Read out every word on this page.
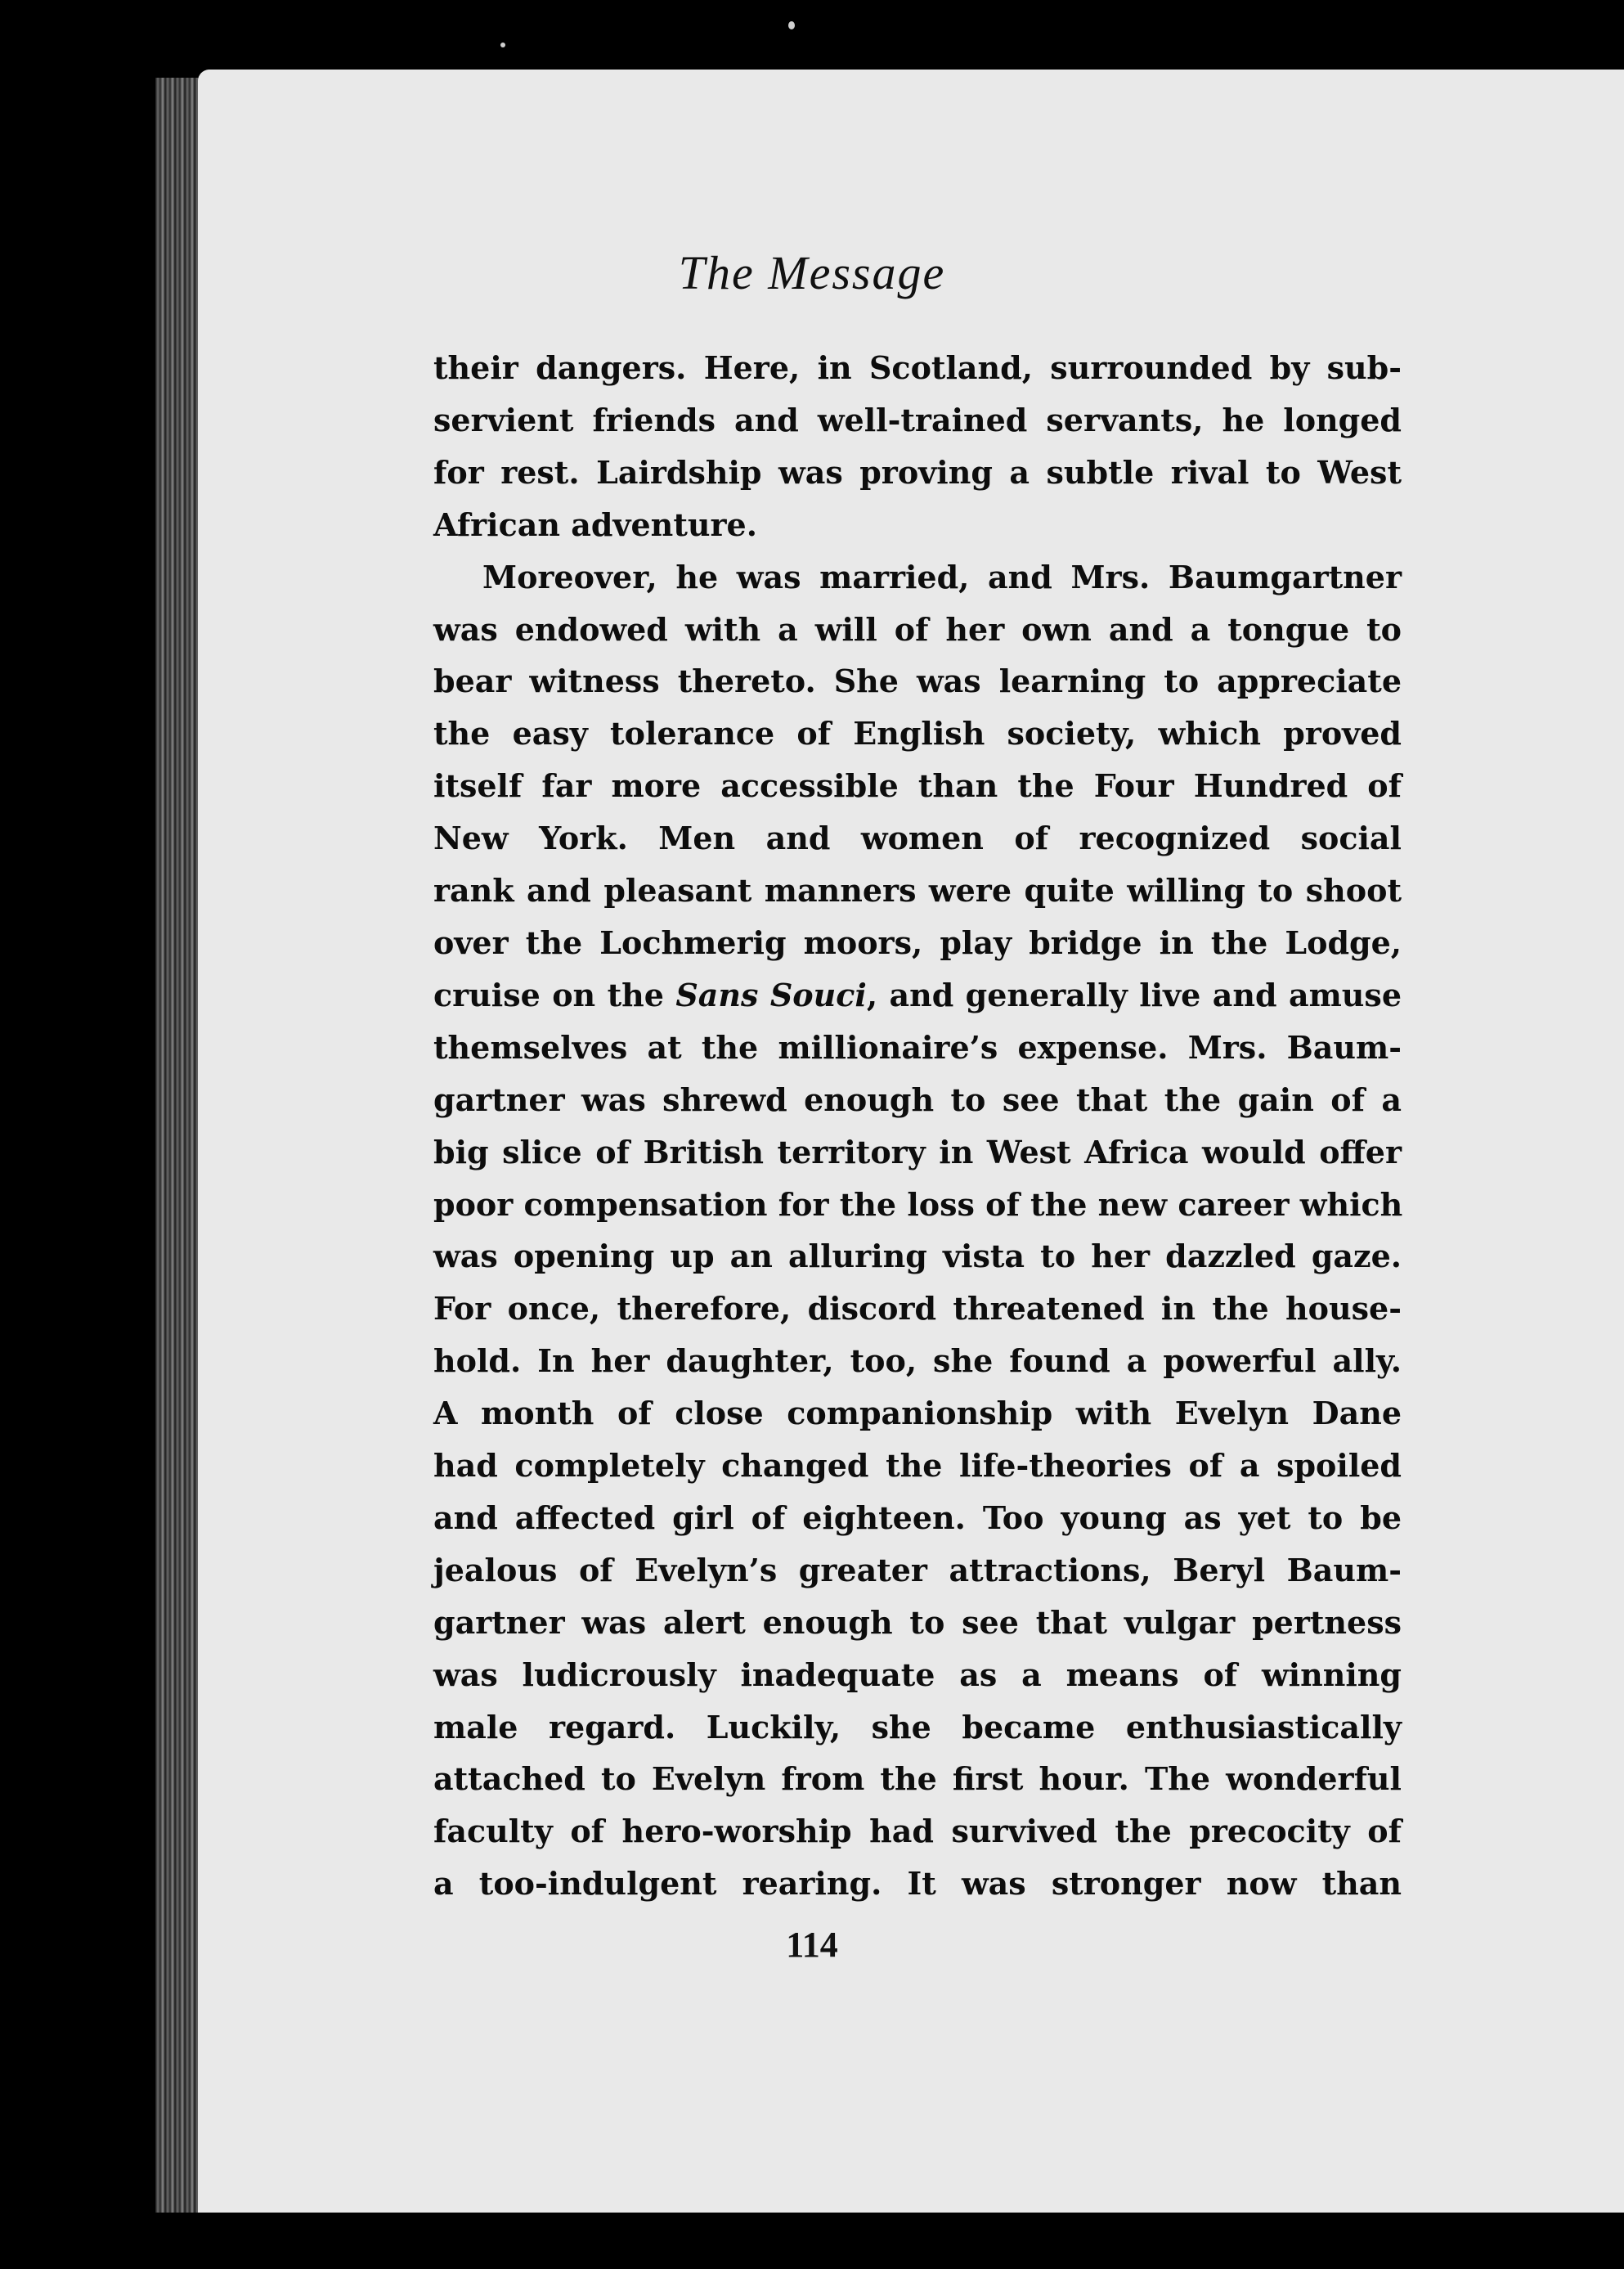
The Message
their dangers. Here, in Scotland, surrounded by sub-
servient friends and well-trained servants, he longed
for rest. Lairdship was proving a subtle rival to West
African adventure.
Moreover, he was married, and Mrs. Baumgartner
was endowed with a will of her own and a tongue to
bear witness thereto. She was learning to appreciate
the easy tolerance of English society, which proved
itself far more accessible than the Four Hundred of
New York. Men and women of recognized social
rank and pleasant manners were quite willing to shoot
over the Lochmerig moors, play bridge in the Lodge,
cruise on the Sans Souci, and generally live and amuse
themselves at the millionaire’s expense. Mrs. Baum-
gartner was shrewd enough to see that the gain of a
big slice of British territory in West Africa would offer
poor compensation for the loss of the new career which
was opening up an alluring vista to her dazzled gaze.
For once, therefore, discord threatened in the house-
hold. In her daughter, too, she found a powerful ally.
A month of close companionship with Evelyn Dane
had completely changed the life-theories of a spoiled
and affected girl of eighteen. Too young as yet to be
jealous of Evelyn’s greater attractions, Beryl Baum-
gartner was alert enough to see that vulgar pertness
was ludicrously inadequate as a means of winning
male regard. Luckily, she became enthusiastically
attached to Evelyn from the first hour. The wonderful
faculty of hero-worship had survived the precocity of
a too-indulgent rearing. It was stronger now than
114
